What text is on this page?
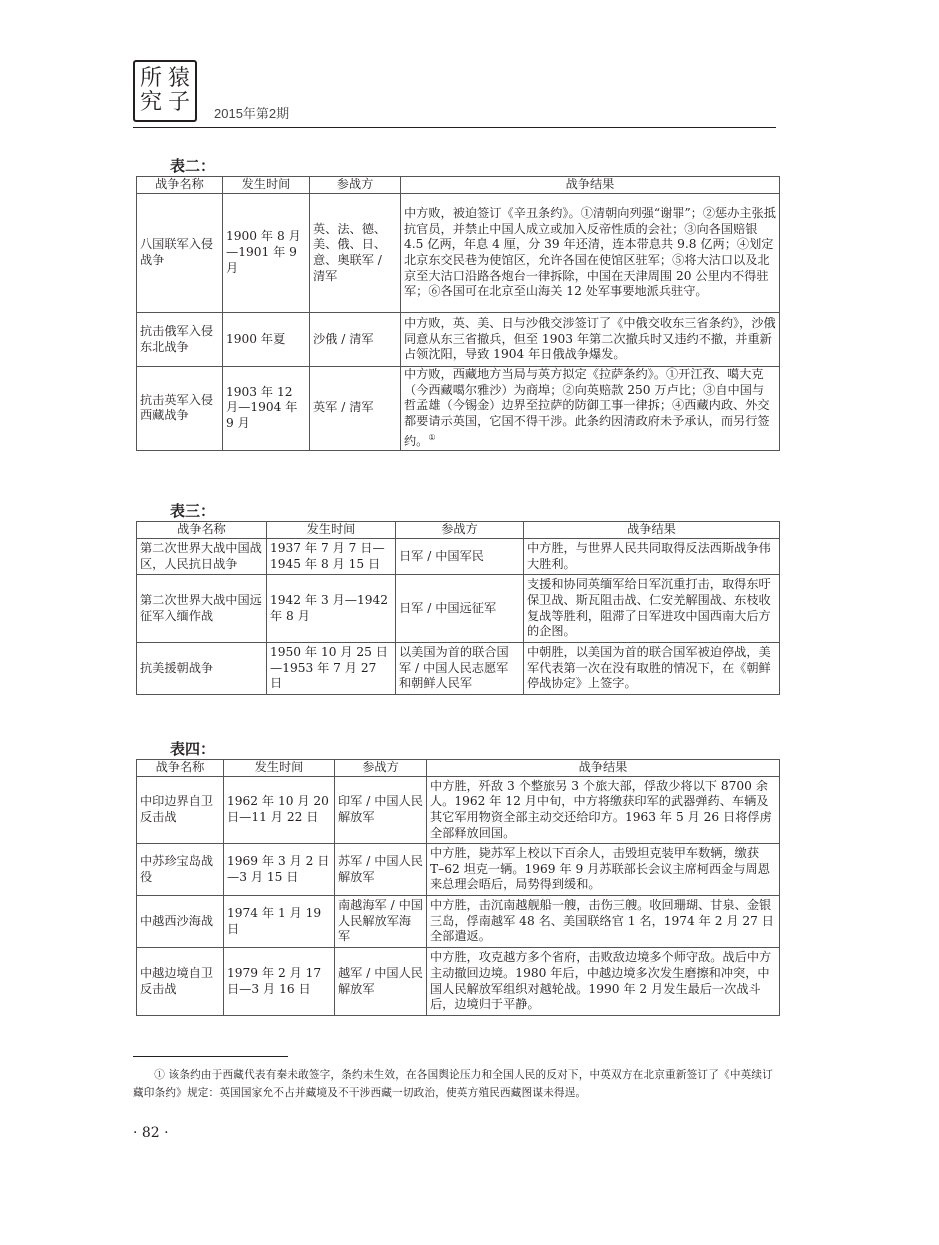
所 猿
究 子 2015年第2期
表二：
战争名称	发生时间	参战方	战争结果
八国联军入侵战争	1900 年 8 月—1901 年 9 月	英、法、德、美、俄、日、意、奥联军 / 清军	中方败，被迫签订《辛丑条约》。①清朝向列强“谢罪”；②惩办主张抵抗官员，并禁止中国人成立或加入反帝性质的会社；③向各国赔银 4.5 亿两，年息 4 厘，分 39 年还清，连本带息共 9.8 亿两；④划定北京东交民巷为使馆区，允许各国在使馆区驻军；⑤将大沽口以及北京至大沽口沿路各炮台一律拆除，中国在天津周围 20 公里内不得驻军；⑥各国可在北京至山海关 12 处军事要地派兵驻守。
抗击俄军入侵东北战争	1900 年夏	沙俄 / 清军	中方败，英、美、日与沙俄交涉签订了《中俄交收东三省条约》，沙俄同意从东三省撤兵，但至 1903 年第二次撤兵时又违约不撤，并重新占领沈阳，导致 1904 年日俄战争爆发。
抗击英军入侵西藏战争	1903 年 12 月—1904 年 9 月	英军 / 清军	中方败，西藏地方当局与英方拟定《拉萨条约》。①开江孜、噶大克（今西藏噶尔雅沙）为商埠；②向英赔款 250 万卢比；③自中国与哲孟雄（今锡金）边界至拉萨的防御工事一律拆；④西藏内政、外交都要请示英国，它国不得干涉。此条约因清政府未予承认，而另行签约。①
表三：
战争名称	发生时间	参战方	战争结果
第二次世界大战中国战区，人民抗日战争	1937 年 7 月 7 日—1945 年 8 月 15 日	日军 / 中国军民	中方胜，与世界人民共同取得反法西斯战争伟大胜利。
第二次世界大战中国远征军入缅作战	1942 年 3 月—1942 年 8 月	日军 / 中国远征军	支援和协同英缅军给日军沉重打击，取得东吁保卫战、斯瓦阻击战、仁安羌解围战、东枝收复战等胜利，阻滞了日军进攻中国西南大后方的企图。
抗美援朝战争	1950 年 10 月 25 日—1953 年 7 月 27 日	以美国为首的联合国军 / 中国人民志愿军和朝鲜人民军	中朝胜，以美国为首的联合国军被迫停战，美军代表第一次在没有取胜的情况下，在《朝鲜停战协定》上签字。
表四：
战争名称	发生时间	参战方	战争结果
中印边界自卫反击战	1962 年 10 月 20 日—11 月 22 日	印军 / 中国人民解放军	中方胜，歼敌 3 个整旅另 3 个旅大部，俘敌少将以下 8700 余人。1962 年 12 月中旬，中方将缴获印军的武器弹药、车辆及其它军用物资全部主动交还给印方。1963 年 5 月 26 日将俘虏全部释放回国。
中苏珍宝岛战役	1969 年 3 月 2 日—3 月 15 日	苏军 / 中国人民解放军	中方胜，毙苏军上校以下百余人，击毁坦克装甲车数辆，缴获 T–62 坦克一辆。1969 年 9 月苏联部长会议主席柯西金与周恩来总理会晤后，局势得到缓和。
中越西沙海战	1974 年 1 月 19 日	南越海军 / 中国人民解放军海军	中方胜，击沉南越舰船一艘，击伤三艘。收回珊瑚、甘泉、金银三岛，俘南越军 48 名、美国联络官 1 名，1974 年 2 月 27 日全部遣返。
中越边境自卫反击战	1979 年 2 月 17 日—3 月 16 日	越军 / 中国人民解放军	中方胜，攻克越方多个省府，击败敌边境多个师守敌。战后中方主动撤回边境。1980 年后，中越边境多次发生磨擦和冲突，中国人民解放军组织对越轮战。1990 年 2 月发生最后一次战斗后，边境归于平静。
① 该条约由于西藏代表有秦未敢签字，条约未生效，在各国舆论压力和全国人民的反对下，中英双方在北京重新签订了《中英续订藏印条约》规定：英国国家允不占并藏境及不干涉西藏一切政治，使英方殖民西藏图谋未得逞。
· 82 ·
